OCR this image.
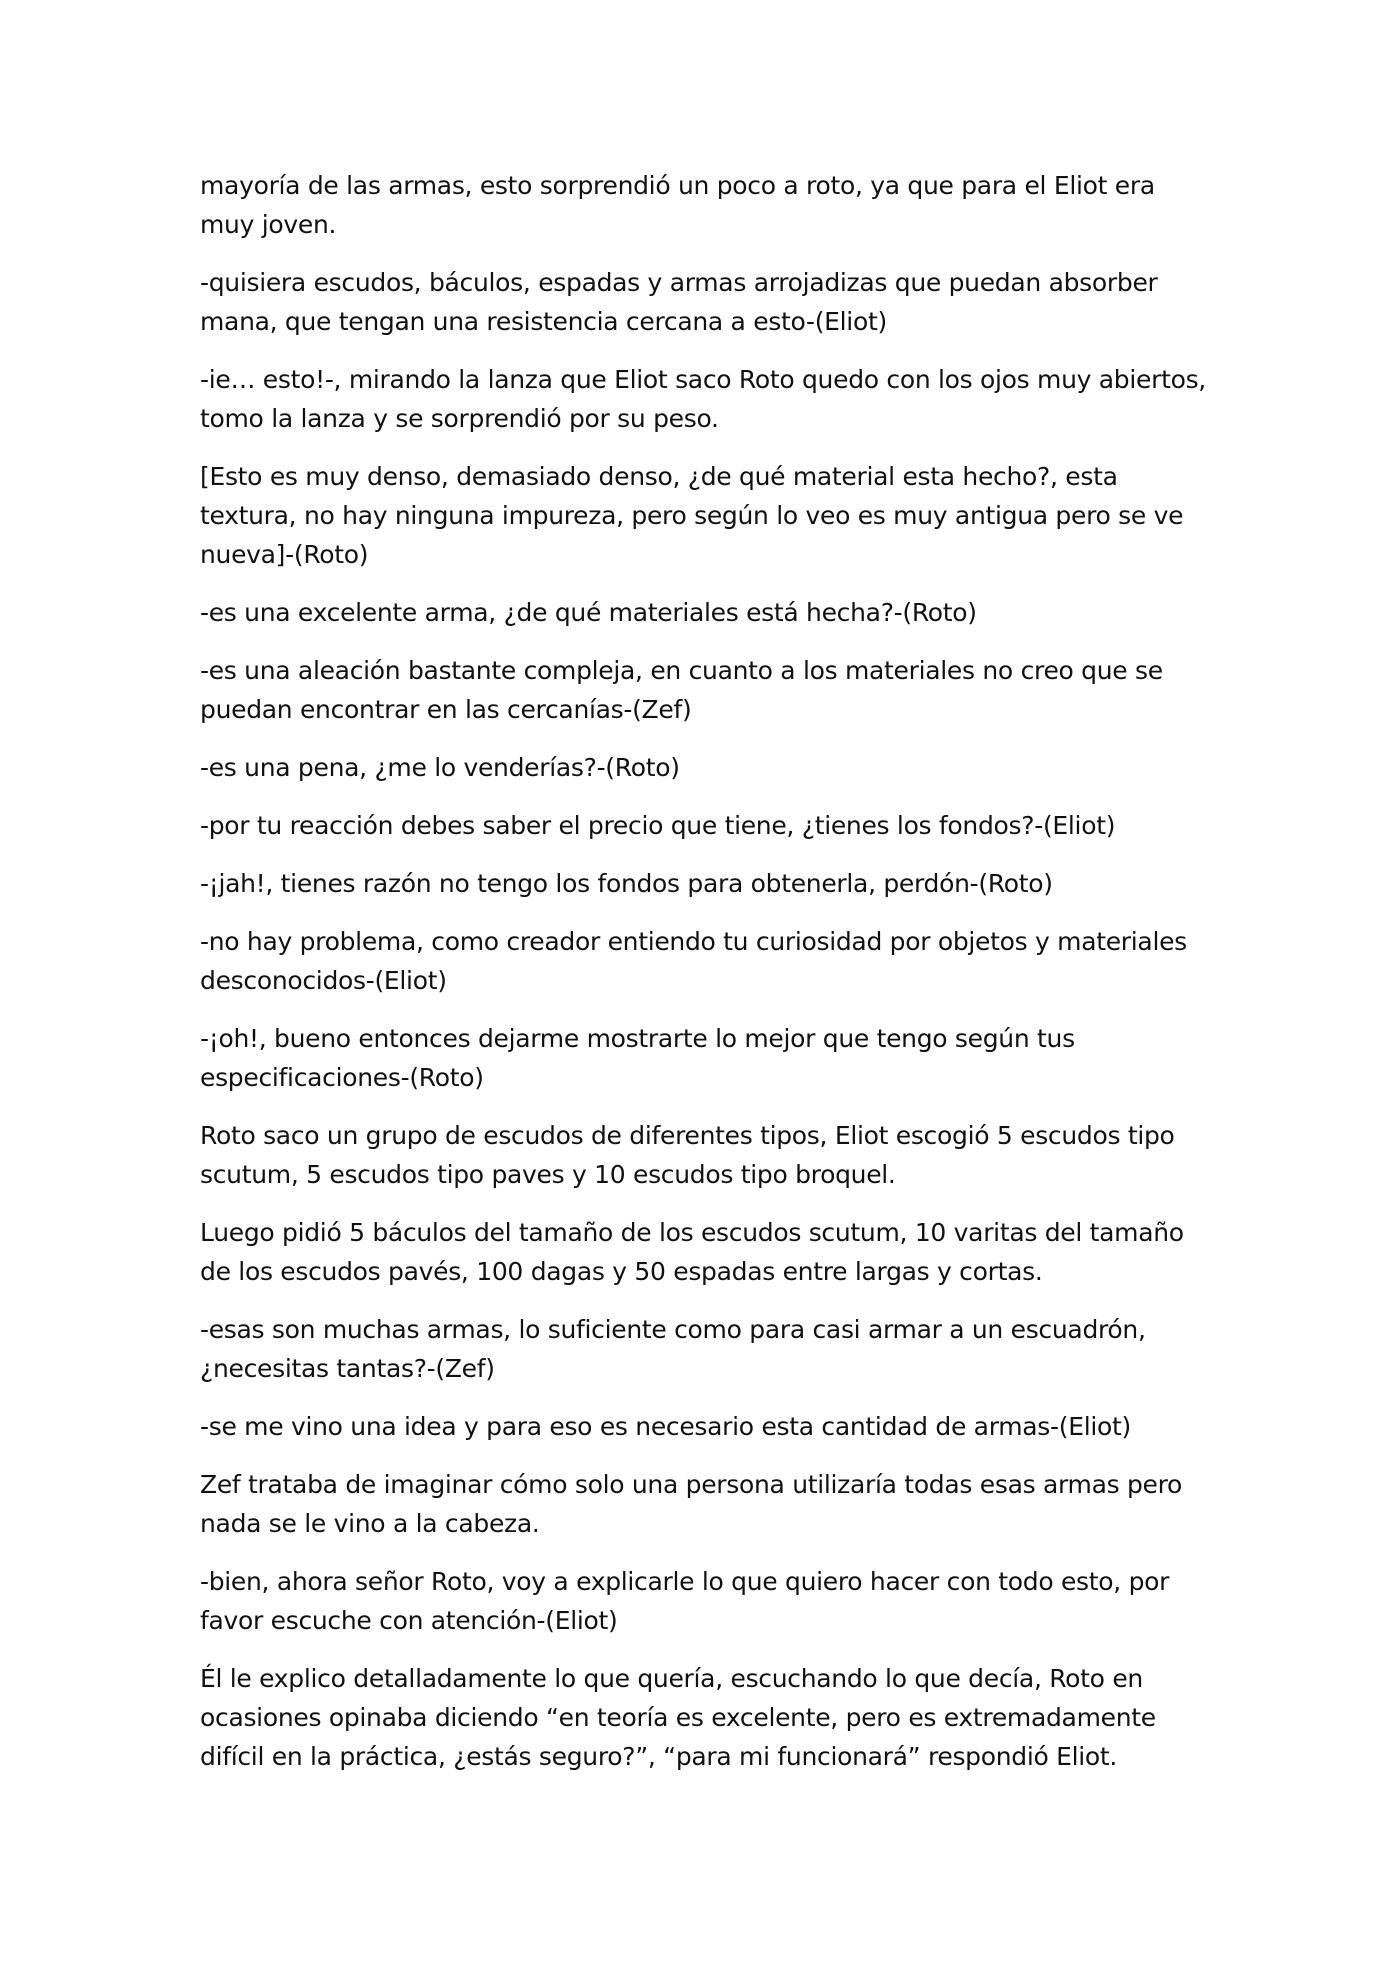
mayoría de las armas, esto sorprendió un poco a roto, ya que para el Eliot era muy joven.

-quisiera escudos, báculos, espadas y armas arrojadizas que puedan absorber mana, que tengan una resistencia cercana a esto-(Eliot)

-ie… esto!-, mirando la lanza que Eliot saco Roto quedo con los ojos muy abiertos, tomo la lanza y se sorprendió por su peso.

[Esto es muy denso, demasiado denso, ¿de qué material esta hecho?, esta textura, no hay ninguna impureza, pero según lo veo es muy antigua pero se ve nueva]-(Roto)

-es una excelente arma, ¿de qué materiales está hecha?-(Roto)

-es una aleación bastante compleja, en cuanto a los materiales no creo que se puedan encontrar en las cercanías-(Zef)

-es una pena, ¿me lo venderías?-(Roto)

-por tu reacción debes saber el precio que tiene, ¿tienes los fondos?-(Eliot)

-¡jah!, tienes razón no tengo los fondos para obtenerla, perdón-(Roto)

-no hay problema, como creador entiendo tu curiosidad por objetos y materiales desconocidos-(Eliot)

-¡oh!, bueno entonces dejarme mostrarte lo mejor que tengo según tus especificaciones-(Roto)

Roto saco un grupo de escudos de diferentes tipos, Eliot escogió 5 escudos tipo scutum, 5 escudos tipo paves y 10 escudos tipo broquel.

Luego pidió 5 báculos del tamaño de los escudos scutum, 10 varitas del tamaño de los escudos pavés, 100 dagas y 50 espadas entre largas y cortas.

-esas son muchas armas, lo suficiente como para casi armar a un escuadrón, ¿necesitas tantas?-(Zef)

-se me vino una idea y para eso es necesario esta cantidad de armas-(Eliot)

Zef trataba de imaginar cómo solo una persona utilizaría todas esas armas pero nada se le vino a la cabeza.

-bien, ahora señor Roto, voy a explicarle lo que quiero hacer con todo esto, por favor escuche con atención-(Eliot)

Él le explico detalladamente lo que quería, escuchando lo que decía, Roto en ocasiones opinaba diciendo “en teoría es excelente, pero es extremadamente difícil en la práctica, ¿estás seguro?”, “para mi funcionará” respondió Eliot.
